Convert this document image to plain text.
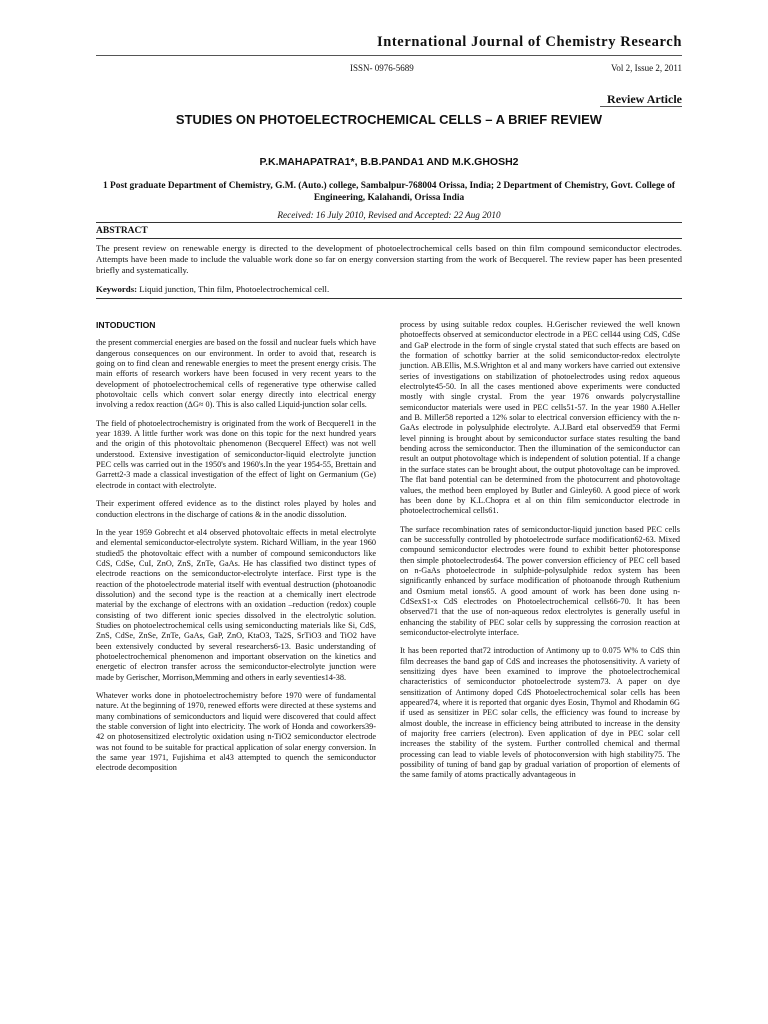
International Journal of Chemistry Research
ISSN- 0976-5689	Vol 2, Issue 2, 2011
Review Article
STUDIES ON PHOTOELECTROCHEMICAL CELLS – A BRIEF REVIEW
P.K.MAHAPATRA1*, B.B.PANDA1 AND M.K.GHOSH2
1 Post graduate Department of Chemistry, G.M. (Auto.) college, Sambalpur-768004 Orissa, India; 2 Department of Chemistry, Govt. College of Engineering, Kalahandi, Orissa India
Received: 16 July 2010, Revised and Accepted: 22 Aug 2010
ABSTRACT
The present review on renewable energy is directed to the development of photoelectrochemical cells based on thin film compound semiconductor electrodes. Attempts have been made to include the valuable work done so far on energy conversion starting from the work of Becquerel. The review paper has been presented briefly and systematically.
Keywords: Liquid junction, Thin film, Photoelectrochemical cell.
INTODUCTION

the present commercial energies are based on the fossil and nuclear fuels which have dangerous consequences on our environment. In order to avoid that, research is going on to find clean and renewable energies to meet the present energy crisis. The main efforts of research workers have been focused in very recent years to the development of photoelectrochemical cells of regenerative type otherwise called photovoltaic cells which convert solar energy directly into electrical energy involving a redox reaction (ΔG≈ 0). This is also called Liquid-junction solar cells.

The field of photoelectrochemistry is originated from the work of Becquerel1 in the year 1839. A little further work was done on this topic for the next hundred years and the origin of this photovoltaic phenomenon (Becquerel Effect) was not well understood. Extensive investigation of semiconductor-liquid electrolyte junction PEC cells was carried out in the 1950's and 1960's.In the year 1954-55, Brettain and Garrett2-3 made a classical investigation of the effect of light on Germanium (Ge) electrode in contact with electrolyte.

Their experiment offered evidence as to the distinct roles played by holes and conduction electrons in the discharge of cations & in the anodic dissolution.

In the year 1959 Gobrecht et al4 observed photovoltaic effects in metal electrolyte and elemental semiconductor-electrolyte system. Richard William, in the year 1960 studied5 the photovoltaic effect with a number of compound semiconductors like CdS, CdSe, CuI, ZnO, ZnS, ZnTe, GaAs. He has classified two distinct types of electrode reactions on the semiconductor-electrolyte interface. First type is the reaction of the photoelectrode material itself with eventual destruction (photoanodic dissolution) and the second type is the reaction at a chemically inert electrode material by the exchange of electrons with an oxidation –reduction (redox) couple consisting of two different ionic species dissolved in the electrolytic solution. Studies on photoelectrochemical cells using semiconducting materials like Si, CdS, ZnS, CdSe, ZnSe, ZnTe, GaAs, GaP, ZnO, KtaO3, Ta2S, SrTiO3 and TiO2 have been extensively conducted by several researchers6-13. Basic understanding of photoelectrochemical phenomenon and important observation on the kinetics and energetic of electron transfer across the semiconductor-electrolyte junction were made by Gerischer, Morrison,Memming and others in early seventies14-38.

Whatever works done in photoelectrochemistry before 1970 were of fundamental nature. At the beginning of 1970, renewed efforts were directed at these systems and many combinations of semiconductors and liquid were discovered that could affect the stable conversion of light into electricity. The work of Honda and coworkers39-42 on photosensitized electrolytic oxidation using n-TiO2 semiconductor electrode was not found to be suitable for practical application of solar energy conversion. In the same year 1971, Fujishima et al43 attempted to quench the semiconductor electrode decomposition

process by using suitable redox couples. H.Gerischer reviewed the well known photoeffects observed at semiconductor electrode in a PEC cell44 using CdS, CdSe and GaP electrode in the form of single crystal stated that such effects are based on the formation of schottky barrier at the solid semiconductor-redox electrolyte junction. AB.Ellis, M.S.Wrighton et al and many workers have carried out extensive series of investigations on stabilization of photoelectrodes using redox aqueous electrolyte45-50. In all the cases mentioned above experiments were conducted mostly with single crystal. From the year 1976 onwards polycrystalline semiconductor materials were used in PEC cells51-57. In the year 1980 A.Heller and B. Miller58 reported a 12% solar to electrical conversion efficiency with the n-GaAs electrode in polysulphide electrolyte. A.J.Bard etal observed59 that Fermi level pinning is brought about by semiconductor surface states resulting the band bending across the semiconductor. Then the illumination of the semiconductor can result an output photovoltage which is independent of solution potential. If a change in the surface states can be brought about, the output photovoltage can be improved. The flat band potential can be determined from the photocurrent and photovoltage values, the method been employed by Butler and Ginley60. A good piece of work has been done by K.L.Chopra et al on thin film semiconductor electrode in photoelectrochemical cells61.

The surface recombination rates of semiconductor-liquid junction based PEC cells can be successfully controlled by photoelectrode surface modification62-63. Mixed compound semiconductor electrodes were found to exhibit better photoresponse then simple photoelectrodes64. The power conversion efficiency of PEC cell based on n-GaAs photoelectrode in sulphide-polysulphide redox system has been significantly enhanced by surface modification of photoanode through Ruthenium and Osmium metal ions65. A good amount of work has been done using n-CdSexS1-x CdS electrodes on Photoelectrochemical cells66-70. It has been observed71 that the use of non-aqueous redox electrolytes is generally useful in enhancing the stability of PEC solar cells by suppressing the corrosion reaction at semiconductor-electrolyte interface.

It has been reported that72 introduction of Antimony up to 0.075 W% to CdS thin film decreases the band gap of CdS and increases the photosensitivity. A variety of sensitizing dyes have been examined to improve the photoelectrochemical characteristics of semiconductor photoelectrode system73. A paper on dye sensitization of Antimony doped CdS Photoelectrochemical solar cells has been appeared74, where it is reported that organic dyes Eosin, Thymol and Rhodamin 6G if used as sensitizer in PEC solar cells, the efficiency was found to increase by almost double, the increase in efficiency being attributed to increase in the density of majority free carriers (electron). Even application of dye in PEC solar cell increases the stability of the system. Further controlled chemical and thermal processing can lead to viable levels of photoconversion with high stability75. The possibility of tuning of band gap by gradual variation of proportion of elements of the same family of atoms practically advantageous in
